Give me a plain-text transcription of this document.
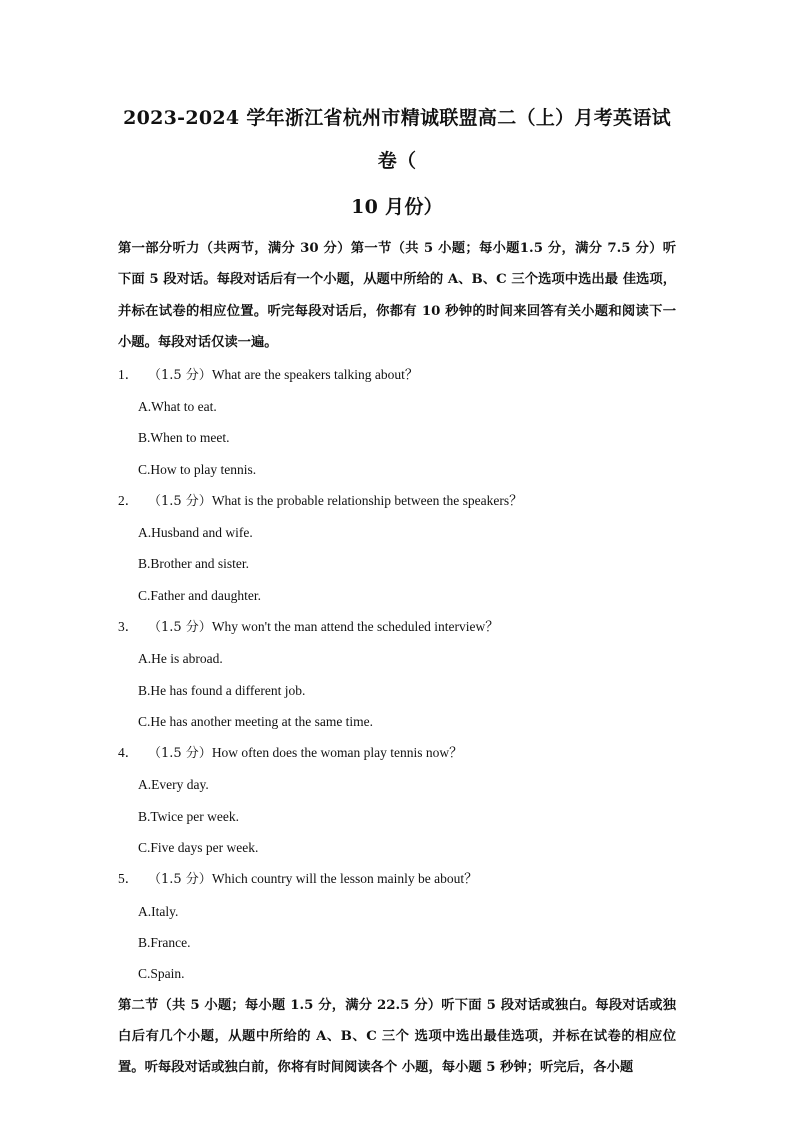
2023-2024 学年浙江省杭州市精诚联盟高二（上）月考英语试卷（
10 月份）

第一部分听力（共两节，满分 30 分）第一节（共 5 小题；每小题1.5 分，满分 7.5 分）听下面 5 段对话。每段对话后有一个小题，从题中所给的 A、B、C 三个选项中选出最 佳选项，并标在试卷的相应位置。听完每段对话后，你都有 10 秒钟的时间来回答有关小题和阅读下一小题。每段对话仅读一遍。

1． （1.5 分）What are the speakers talking about？

A.What to eat.

B.When to meet.

C.How to play tennis.

2． （1.5 分）What is the probable relationship between the speakers？

A.Husband and wife.

B.Brother and sister.

C.Father and daughter.

3． （1.5 分）Why won't the man attend the scheduled interview？

A.He is abroad.

B.He has found a different job.

C.He has another meeting at the same time.

4． （1.5 分）How often does the woman play tennis now？

A.Every day.

B.Twice per week.

C.Five days per week.

5． （1.5 分）Which country will the lesson mainly be about？

A.Italy.

B.France.

C.Spain.

第二节（共 5 小题；每小题 1.5 分，满分 22.5 分）听下面 5 段对话或独白。每段对话或独白后有几个小题，从题中所给的 A、B、C 三个 选项中选出最佳选项，并标在试卷的相应位置。听每段对话或独白前，你将有时间阅读各个 小题，每小题 5 秒钟；听完后，各小题
